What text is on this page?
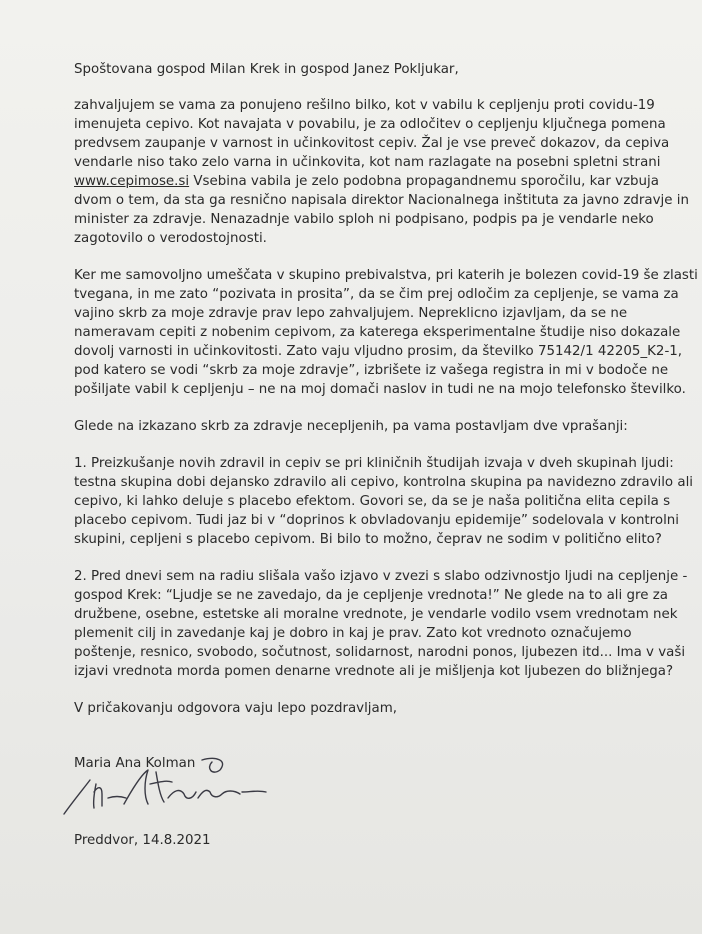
Spoštovana gospod Milan Krek in gospod Janez Pokljukar,
zahvaljujem se vama za ponujeno rešilno bilko, kot v vabilu k cepljenju proti covidu-19
imenujeta cepivo. Kot navajata v povabilu, je za odločitev o cepljenju ključnega pomena
predvsem zaupanje v varnost in učinkovitost cepiv. Žal je vse preveč dokazov, da cepiva
vendarle niso tako zelo varna in učinkovita, kot nam razlagate na posebni spletni strani
www.cepimose.si Vsebina vabila je zelo podobna propagandnemu sporočilu, kar vzbuja
dvom o tem, da sta ga resnično napisala direktor Nacionalnega inštituta za javno zdravje in
minister za zdravje. Nenazadnje vabilo sploh ni podpisano, podpis pa je vendarle neko
zagotovilo o verodostojnosti.
Ker me samovoljno umeščata v skupino prebivalstva, pri katerih je bolezen covid-19 še zlasti
tvegana, in me zato “pozivata in prosita”, da se čim prej odločim za cepljenje, se vama za
vajino skrb za moje zdravje prav lepo zahvaljujem. Nepreklicno izjavljam, da se ne
nameravam cepiti z nobenim cepivom, za katerega eksperimentalne študije niso dokazale
dovolj varnosti in učinkovitosti. Zato vaju vljudno prosim, da številko 75142/1 42205_K2-1,
pod katero se vodi “skrb za moje zdravje”, izbrišete iz vašega registra in mi v bodoče ne
pošiljate vabil k cepljenju – ne na moj domači naslov in tudi ne na mojo telefonsko številko.
Glede na izkazano skrb za zdravje necepljenih, pa vama postavljam dve vprašanji:
1. Preizkušanje novih zdravil in cepiv se pri kliničnih študijah izvaja v dveh skupinah ljudi:
testna skupina dobi dejansko zdravilo ali cepivo, kontrolna skupina pa navidezno zdravilo ali
cepivo, ki lahko deluje s placebo efektom. Govori se, da se je naša politična elita cepila s
placebo cepivom. Tudi jaz bi v “doprinos k obvladovanju epidemije” sodelovala v kontrolni
skupini, cepljeni s placebo cepivom. Bi bilo to možno, čeprav ne sodim v politično elito?
2. Pred dnevi sem na radiu slišala vašo izjavo v zvezi s slabo odzivnostjo ljudi na cepljenje -
gospod Krek: “Ljudje se ne zavedajo, da je cepljenje vrednota!” Ne glede na to ali gre za
družbene, osebne, estetske ali moralne vrednote, je vendarle vodilo vsem vrednotam nek
plemenit cilj in zavedanje kaj je dobro in kaj je prav. Zato kot vrednoto označujemo
poštenje, resnico, svobodo, sočutnost, solidarnost, narodni ponos, ljubezen itd... Ima v vaši
izjavi vrednota morda pomen denarne vrednote ali je mišljenja kot ljubezen do bližnjega?
V pričakovanju odgovora vaju lepo pozdravljam,
Maria Ana Kolman
Preddvor, 14.8.2021
